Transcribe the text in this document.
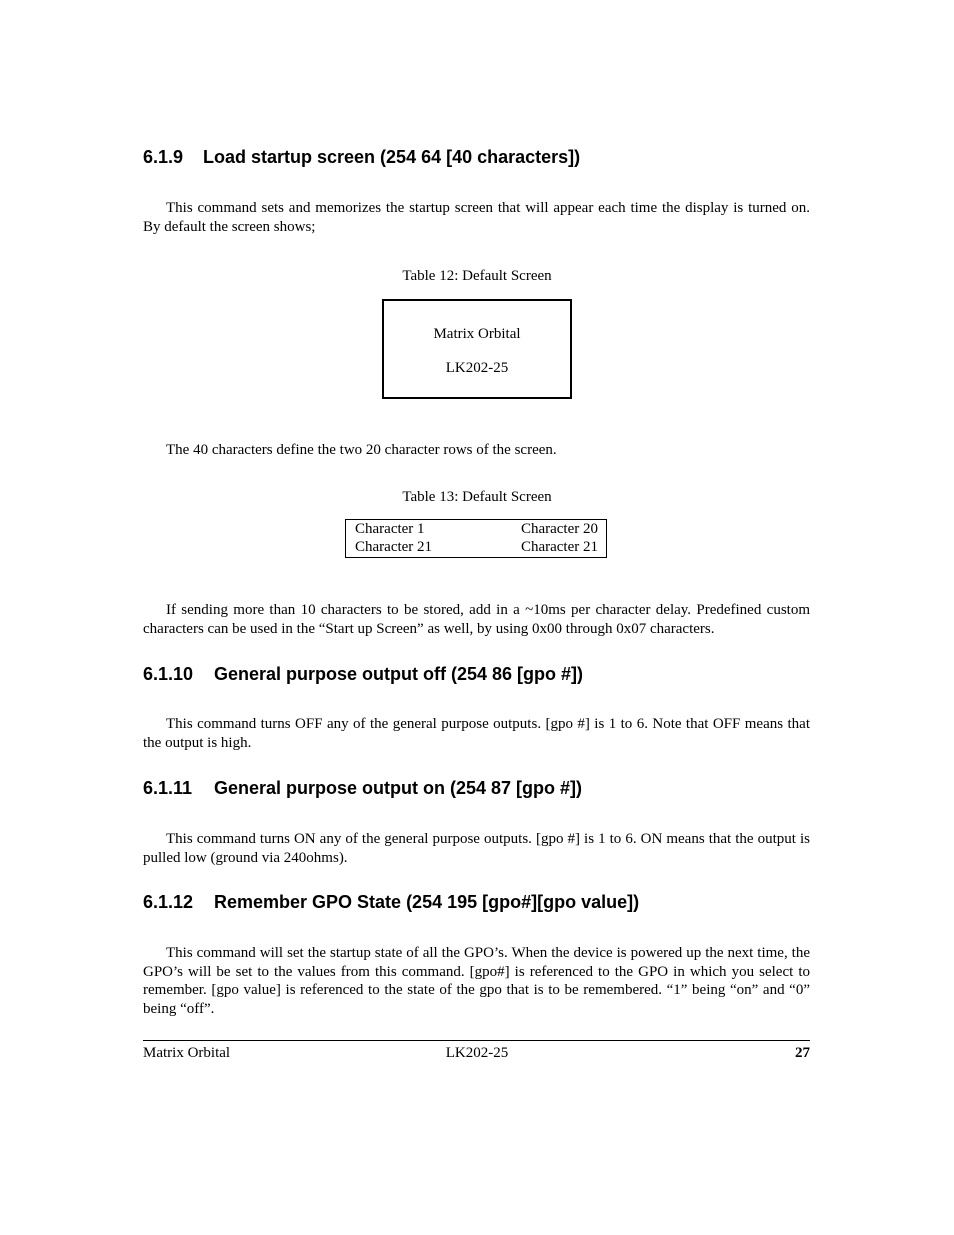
6.1.9 Load startup screen (254 64 [40 characters])

This command sets and memorizes the startup screen that will appear each time the display is turned on. By default the screen shows;

Table 12: Default Screen
Matrix Orbital
LK202-25

The 40 characters define the two 20 character rows of the screen.

Table 13: Default Screen
Character 1	Character 20
Character 21	Character 21

If sending more than 10 characters to be stored, add in a ~10ms per character delay. Predefined custom characters can be used in the “Start up Screen” as well, by using 0x00 through 0x07 characters.

6.1.10 General purpose output off (254 86 [gpo #])

This command turns OFF any of the general purpose outputs. [gpo #] is 1 to 6. Note that OFF means that the output is high.

6.1.11 General purpose output on (254 87 [gpo #])

This command turns ON any of the general purpose outputs. [gpo #] is 1 to 6. ON means that the output is pulled low (ground via 240ohms).

6.1.12 Remember GPO State (254 195 [gpo#][gpo value])

This command will set the startup state of all the GPO’s. When the device is powered up the next time, the GPO’s will be set to the values from this command. [gpo#] is referenced to the GPO in which you select to remember. [gpo value] is referenced to the state of the gpo that is to be remembered. “1” being “on” and “0” being “off”.

Matrix Orbital	LK202-25	27
